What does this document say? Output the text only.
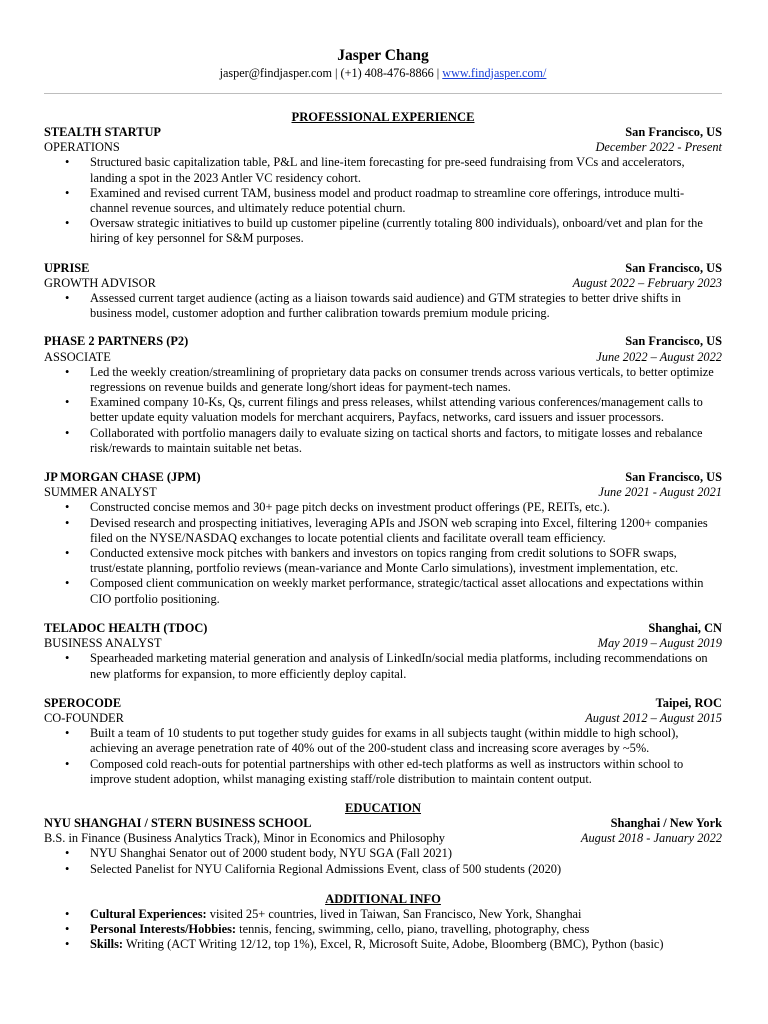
Jasper Chang
jasper@findjasper.com | (+1) 408-476-8866 | www.findjasper.com/
PROFESSIONAL EXPERIENCE
STEALTH STARTUP	San Francisco, US
OPERATIONS	December 2022 - Present
• Structured basic capitalization table, P&L and line-item forecasting for pre-seed fundraising from VCs and accelerators, landing a spot in the 2023 Antler VC residency cohort.
• Examined and revised current TAM, business model and product roadmap to streamline core offerings, introduce multi-channel revenue sources, and ultimately reduce potential churn.
• Oversaw strategic initiatives to build up customer pipeline (currently totaling 800 individuals), onboard/vet and plan for the hiring of key personnel for S&M purposes.
UPRISE	San Francisco, US
GROWTH ADVISOR	August 2022 – February 2023
• Assessed current target audience (acting as a liaison towards said audience) and GTM strategies to better drive shifts in business model, customer adoption and further calibration towards premium module pricing.
PHASE 2 PARTNERS (P2)	San Francisco, US
ASSOCIATE	June 2022 – August 2022
• Led the weekly creation/streamlining of proprietary data packs on consumer trends across various verticals, to better optimize regressions on revenue builds and generate long/short ideas for payment-tech names.
• Examined company 10-Ks, Qs, current filings and press releases, whilst attending various conferences/management calls to better update equity valuation models for merchant acquirers, Payfacs, networks, card issuers and issuer processors.
• Collaborated with portfolio managers daily to evaluate sizing on tactical shorts and factors, to mitigate losses and rebalance risk/rewards to maintain suitable net betas.
JP MORGAN CHASE (JPM)	San Francisco, US
SUMMER ANALYST	June 2021 - August 2021
• Constructed concise memos and 30+ page pitch decks on investment product offerings (PE, REITs, etc.).
• Devised research and prospecting initiatives, leveraging APIs and JSON web scraping into Excel, filtering 1200+ companies filed on the NYSE/NASDAQ exchanges to locate potential clients and facilitate overall team efficiency.
• Conducted extensive mock pitches with bankers and investors on topics ranging from credit solutions to SOFR swaps, trust/estate planning, portfolio reviews (mean-variance and Monte Carlo simulations), investment implementation, etc.
• Composed client communication on weekly market performance, strategic/tactical asset allocations and expectations within CIO portfolio positioning.
TELADOC HEALTH (TDOC)	Shanghai, CN
BUSINESS ANALYST	May 2019 – August 2019
• Spearheaded marketing material generation and analysis of LinkedIn/social media platforms, including recommendations on new platforms for expansion, to more efficiently deploy capital.
SPEROCODE	Taipei, ROC
CO-FOUNDER	August 2012 – August 2015
• Built a team of 10 students to put together study guides for exams in all subjects taught (within middle to high school), achieving an average penetration rate of 40% out of the 200-student class and increasing score averages by ~5%.
• Composed cold reach-outs for potential partnerships with other ed-tech platforms as well as instructors within school to improve student adoption, whilst managing existing staff/role distribution to maintain content output.
EDUCATION
NYU SHANGHAI / STERN BUSINESS SCHOOL	Shanghai / New York
B.S. in Finance (Business Analytics Track), Minor in Economics and Philosophy	August 2018 - January 2022
• NYU Shanghai Senator out of 2000 student body, NYU SGA (Fall 2021)
• Selected Panelist for NYU California Regional Admissions Event, class of 500 students (2020)
ADDITIONAL INFO
• Cultural Experiences: visited 25+ countries, lived in Taiwan, San Francisco, New York, Shanghai
• Personal Interests/Hobbies: tennis, fencing, swimming, cello, piano, travelling, photography, chess
• Skills: Writing (ACT Writing 12/12, top 1%), Excel, R, Microsoft Suite, Adobe, Bloomberg (BMC), Python (basic)
